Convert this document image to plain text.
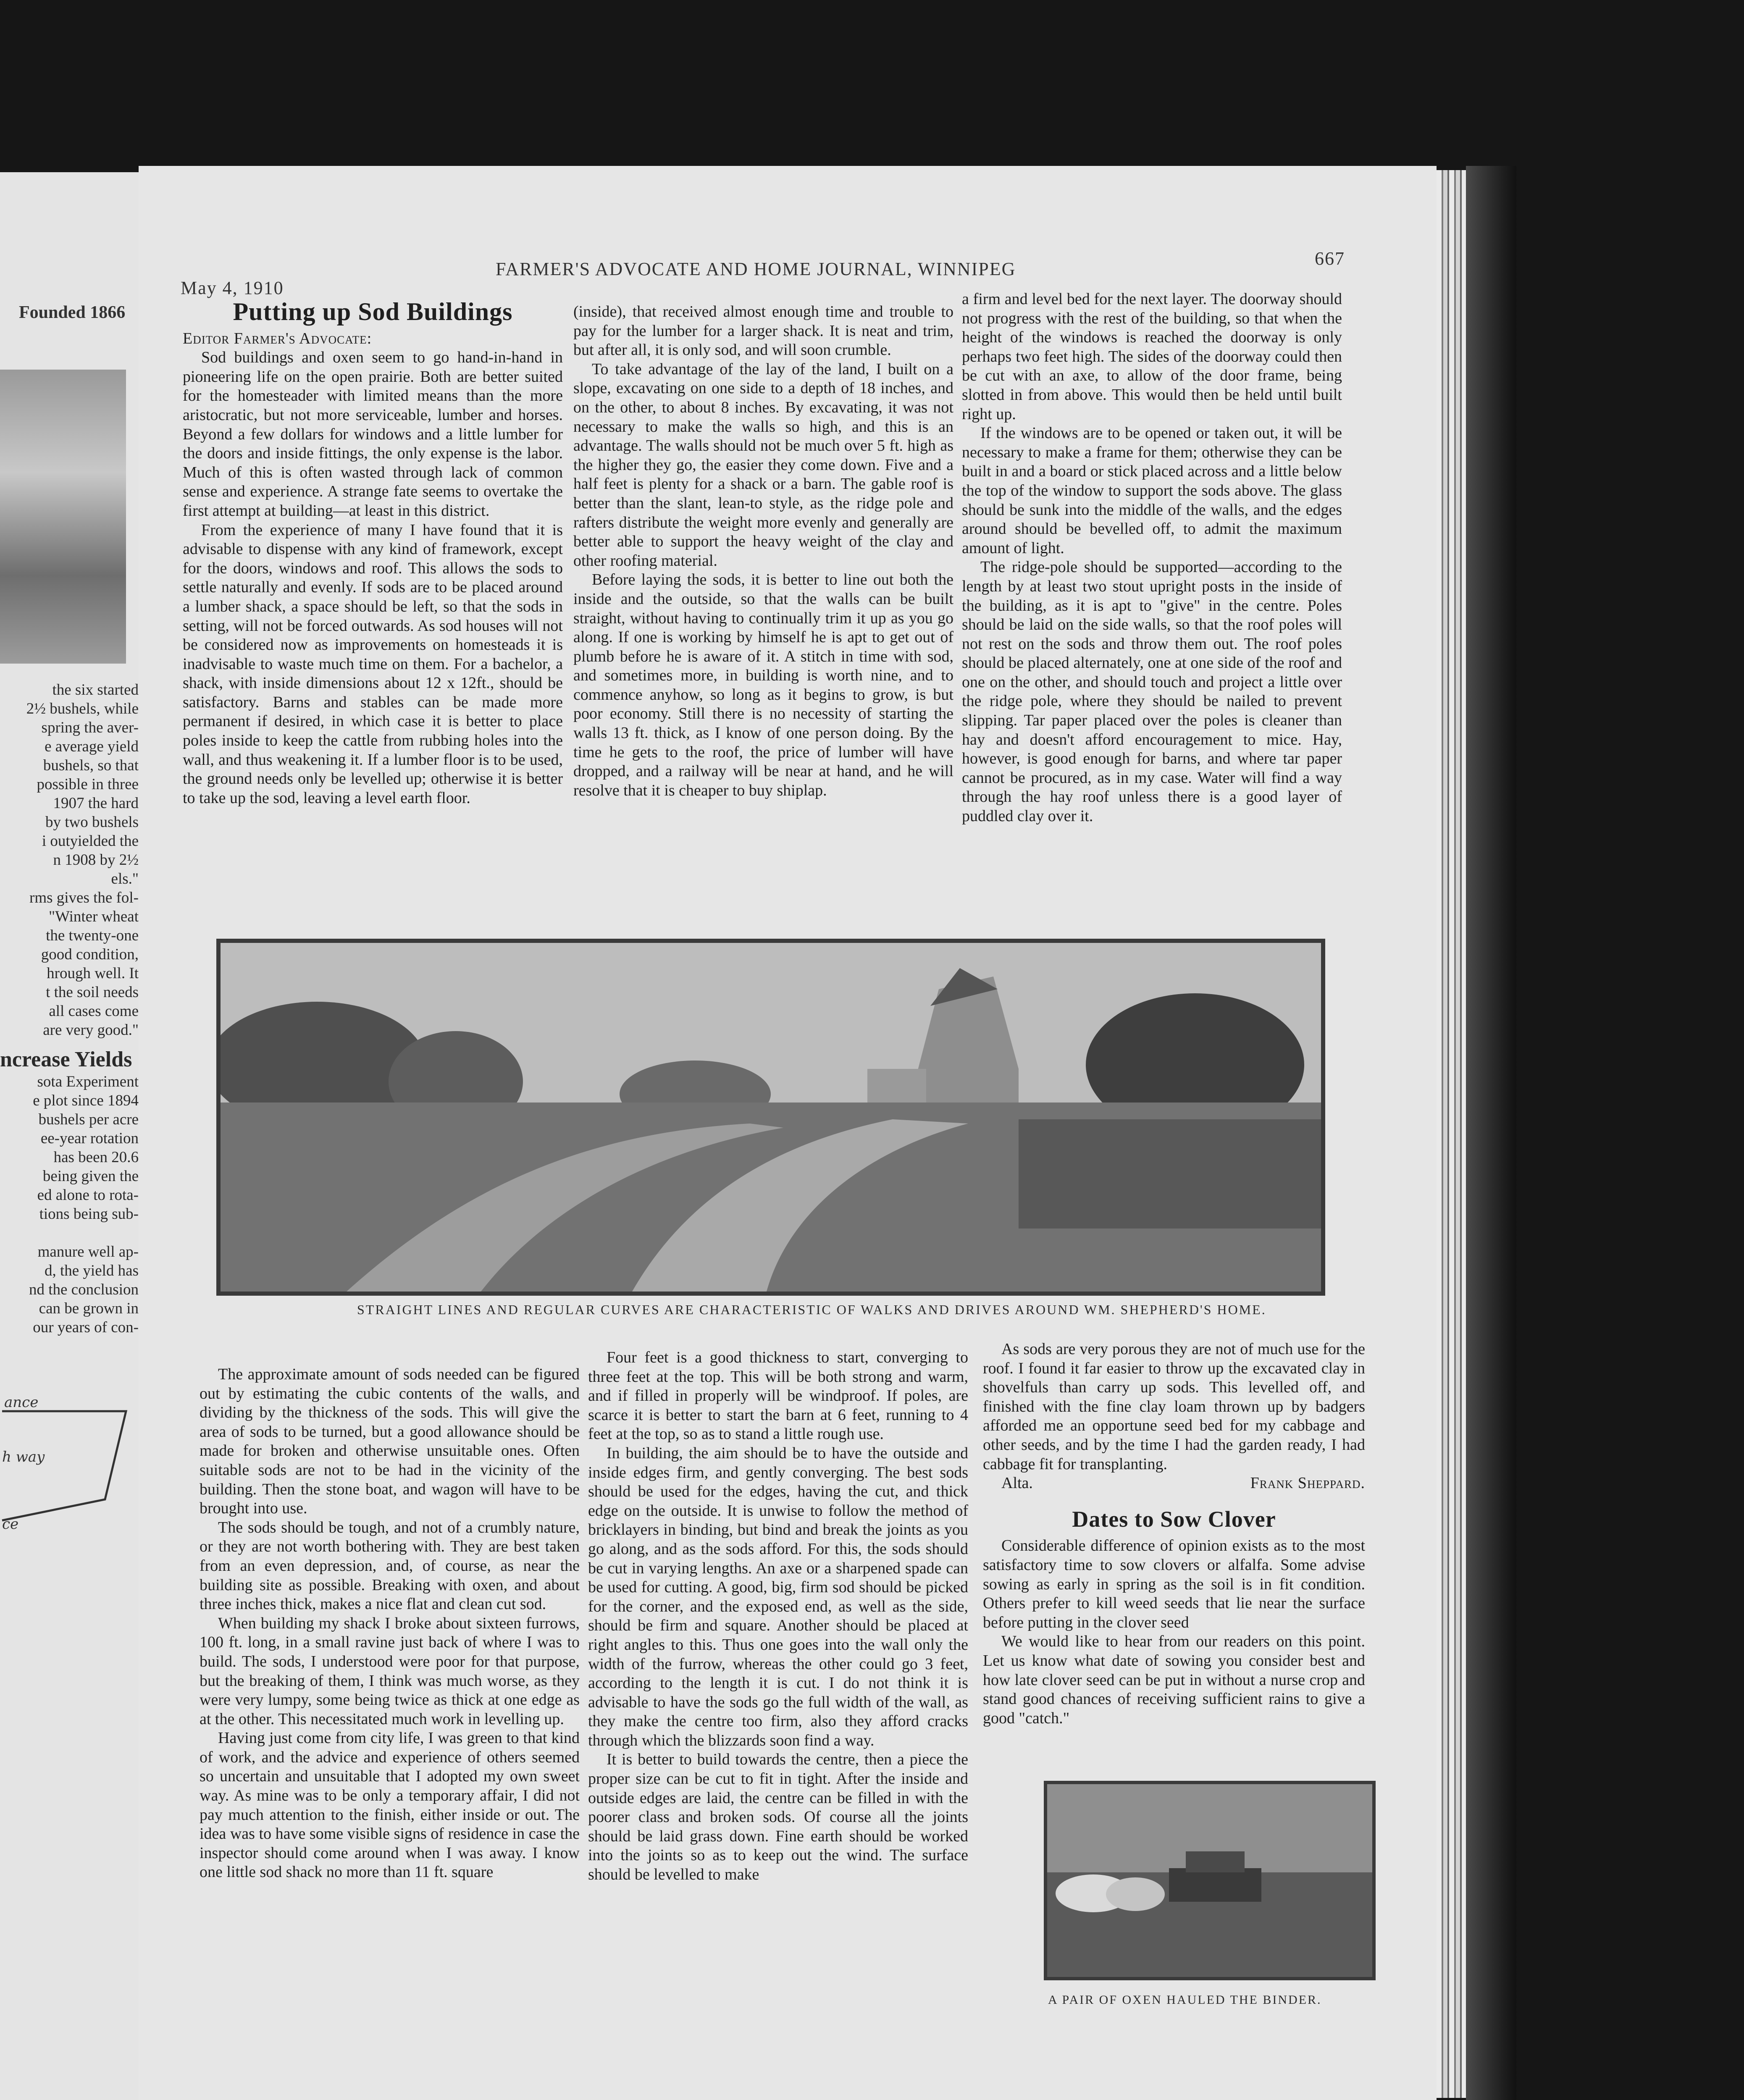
Founded 1866

the six started

2½ bushels, while

spring the aver-

e average yield

bushels, so that

possible in three

1907 the hard

by two bushels

i outyielded the

n 1908 by 2½

els."

rms gives the fol-

"Winter wheat

the twenty-one

good condition,

hrough well. It

t the soil needs

all cases come

are very good."

ncrease Yields

sota Experiment

e plot since 1894

bushels per acre

ee-year rotation

has been 20.6

being given the

ed alone to rota-

tions being sub-

manure well ap-

d, the yield has

nd the conclusion

can be grown in

our years of con-

ance
h way
ce
May 4, 1910
FARMER'S ADVOCATE AND HOME JOURNAL, WINNIPEG
667
Putting up Sod Buildings

Editor Farmer's Advocate:

Sod buildings and oxen seem to go hand-in-hand in pioneering life on the open prairie. Both are better suited for the homesteader with limited means than the more aristocratic, but not more serviceable, lumber and horses. Beyond a few dollars for windows and a little lumber for the doors and inside fittings, the only expense is the labor. Much of this is often wasted through lack of common sense and experience. A strange fate seems to overtake the first attempt at building—at least in this district.

From the experience of many I have found that it is advisable to dispense with any kind of framework, except for the doors, windows and roof. This allows the sods to settle naturally and evenly. If sods are to be placed around a lumber shack, a space should be left, so that the sods in setting, will not be forced outwards. As sod houses will not be considered now as improvements on homesteads it is inadvisable to waste much time on them. For a bachelor, a shack, with inside dimensions about 12 x 12ft., should be satisfactory. Barns and stables can be made more permanent if desired, in which case it is better to place poles inside to keep the cattle from rubbing holes into the wall, and thus weakening it. If a lumber floor is to be used, the ground needs only be levelled up; otherwise it is better to take up the sod, leaving a level earth floor.

(inside), that received almost enough time and trouble to pay for the lumber for a larger shack. It is neat and trim, but after all, it is only sod, and will soon crumble.

To take advantage of the lay of the land, I built on a slope, excavating on one side to a depth of 18 inches, and on the other, to about 8 inches. By excavating, it was not necessary to make the walls so high, and this is an advantage. The walls should not be much over 5 ft. high as the higher they go, the easier they come down. Five and a half feet is plenty for a shack or a barn. The gable roof is better than the slant, lean-to style, as the ridge pole and rafters distribute the weight more evenly and generally are better able to support the heavy weight of the clay and other roofing material.

Before laying the sods, it is better to line out both the inside and the outside, so that the walls can be built straight, without having to continually trim it up as you go along. If one is working by himself he is apt to get out of plumb before he is aware of it. A stitch in time with sod, and sometimes more, in building is worth nine, and to commence anyhow, so long as it begins to grow, is but poor economy. Still there is no necessity of starting the walls 13 ft. thick, as I know of one person doing. By the time he gets to the roof, the price of lumber will have dropped, and a railway will be near at hand, and he will resolve that it is cheaper to buy shiplap.

a firm and level bed for the next layer. The doorway should not progress with the rest of the building, so that when the height of the windows is reached the doorway is only perhaps two feet high. The sides of the doorway could then be cut with an axe, to allow of the door frame, being slotted in from above. This would then be held until built right up.

If the windows are to be opened or taken out, it will be necessary to make a frame for them; otherwise they can be built in and a board or stick placed across and a little below the top of the window to support the sods above. The glass should be sunk into the middle of the walls, and the edges around should be bevelled off, to admit the maximum amount of light.

The ridge-pole should be supported—according to the length by at least two stout upright posts in the inside of the building, as it is apt to "give" in the centre. Poles should be laid on the side walls, so that the roof poles will not rest on the sods and throw them out. The roof poles should be placed alternately, one at one side of the roof and one on the other, and should touch and project a little over the ridge pole, where they should be nailed to prevent slipping. Tar paper placed over the poles is cleaner than hay and doesn't afford encouragement to mice. Hay, however, is good enough for barns, and where tar paper cannot be procured, as in my case. Water will find a way through the hay roof unless there is a good layer of puddled clay over it.

STRAIGHT LINES AND REGULAR CURVES ARE CHARACTERISTIC OF WALKS AND DRIVES AROUND WM. SHEPHERD'S HOME.

The approximate amount of sods needed can be figured out by estimating the cubic contents of the walls, and dividing by the thickness of the sods. This will give the area of sods to be turned, but a good allowance should be made for broken and otherwise unsuitable ones. Often suitable sods are not to be had in the vicinity of the building. Then the stone boat, and wagon will have to be brought into use.

The sods should be tough, and not of a crumbly nature, or they are not worth bothering with. They are best taken from an even depression, and, of course, as near the building site as possible. Breaking with oxen, and about three inches thick, makes a nice flat and clean cut sod.

When building my shack I broke about sixteen furrows, 100 ft. long, in a small ravine just back of where I was to build. The sods, I understood were poor for that purpose, but the breaking of them, I think was much worse, as they were very lumpy, some being twice as thick at one edge as at the other. This necessitated much work in levelling up.

Having just come from city life, I was green to that kind of work, and the advice and experience of others seemed so uncertain and unsuitable that I adopted my own sweet way. As mine was to be only a temporary affair, I did not pay much attention to the finish, either inside or out. The idea was to have some visible signs of residence in case the inspector should come around when I was away. I know one little sod shack no more than 11 ft. square

Four feet is a good thickness to start, converging to three feet at the top. This will be both strong and warm, and if filled in properly will be windproof. If poles, are scarce it is better to start the barn at 6 feet, running to 4 feet at the top, so as to stand a little rough use.

In building, the aim should be to have the outside and inside edges firm, and gently converging. The best sods should be used for the edges, having the cut, and thick edge on the outside. It is unwise to follow the method of bricklayers in binding, but bind and break the joints as you go along, and as the sods afford. For this, the sods should be cut in varying lengths. An axe or a sharpened spade can be used for cutting. A good, big, firm sod should be picked for the corner, and the exposed end, as well as the side, should be firm and square. Another should be placed at right angles to this. Thus one goes into the wall only the width of the furrow, whereas the other could go 3 feet, according to the length it is cut. I do not think it is advisable to have the sods go the full width of the wall, as they make the centre too firm, also they afford cracks through which the blizzards soon find a way.

It is better to build towards the centre, then a piece the proper size can be cut to fit in tight. After the inside and outside edges are laid, the centre can be filled in with the poorer class and broken sods. Of course all the joints should be laid grass down. Fine earth should be worked into the joints so as to keep out the wind. The surface should be levelled to make

As sods are very porous they are not of much use for the roof. I found it far easier to throw up the excavated clay in shovelfuls than carry up sods. This levelled off, and finished with the fine clay loam thrown up by badgers afforded me an opportune seed bed for my cabbage and other seeds, and by the time I had the garden ready, I had cabbage fit for transplanting.

Alta.	Frank Sheppard.
Dates to Sow Clover

Considerable difference of opinion exists as to the most satisfactory time to sow clovers or alfalfa. Some advise sowing as early in spring as the soil is in fit condition. Others prefer to kill weed seeds that lie near the surface before putting in the clover seed

We would like to hear from our readers on this point. Let us know what date of sowing you consider best and how late clover seed can be put in without a nurse crop and stand good chances of receiving sufficient rains to give a good "catch."

A PAIR OF OXEN HAULED THE BINDER.
